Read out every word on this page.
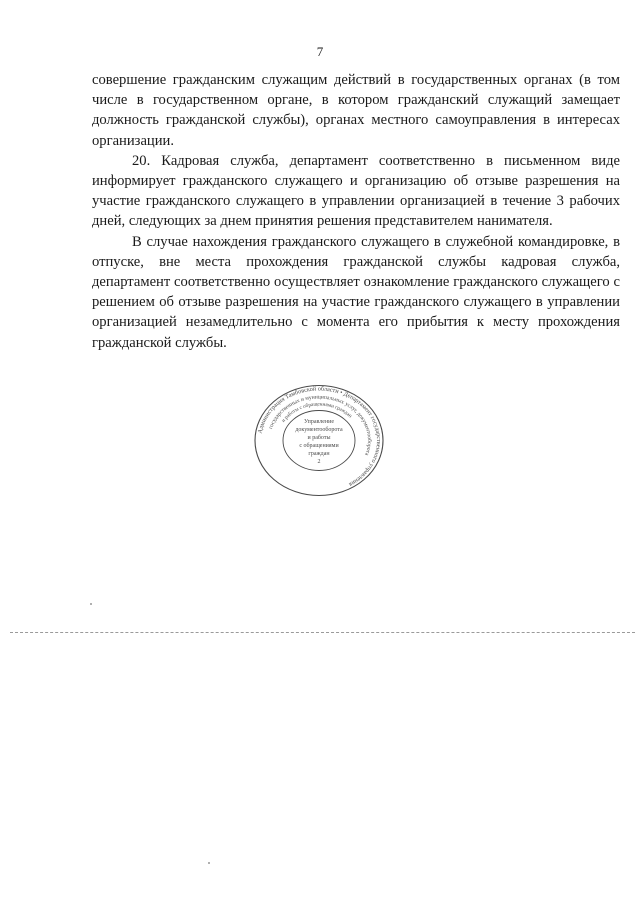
7

совершение гражданским служащим действий в государственных органах (в том числе в государственном органе, в котором гражданский служащий замещает должность гражданской службы), органах местного самоуправления в интересах организации.

20. Кадровая служба, департамент соответственно в письменном виде информирует гражданского служащего и организацию об отзыве разрешения на участие гражданского служащего в управлении организацией в течение 3 рабочих дней, следующих за днем принятия решения представителем нанимателя.

В случае нахождения гражданского служащего в служебной командировке, в отпуске, вне места прохождения гражданской службы кадровая служба, департамент соответственно осуществляет ознакомление гражданского служащего с решением об отзыве разрешения на участие гражданского служащего в управлении организацией незамедлительно с момента его прибытия к месту прохождения гражданской службы.

Администрация Тамбовской области • Департамент государственного управления
государственных и муниципальных услуг, документооборота
и работы с обращениями граждан
Управление
документооборота
и работы
с обращениями
граждан
2
